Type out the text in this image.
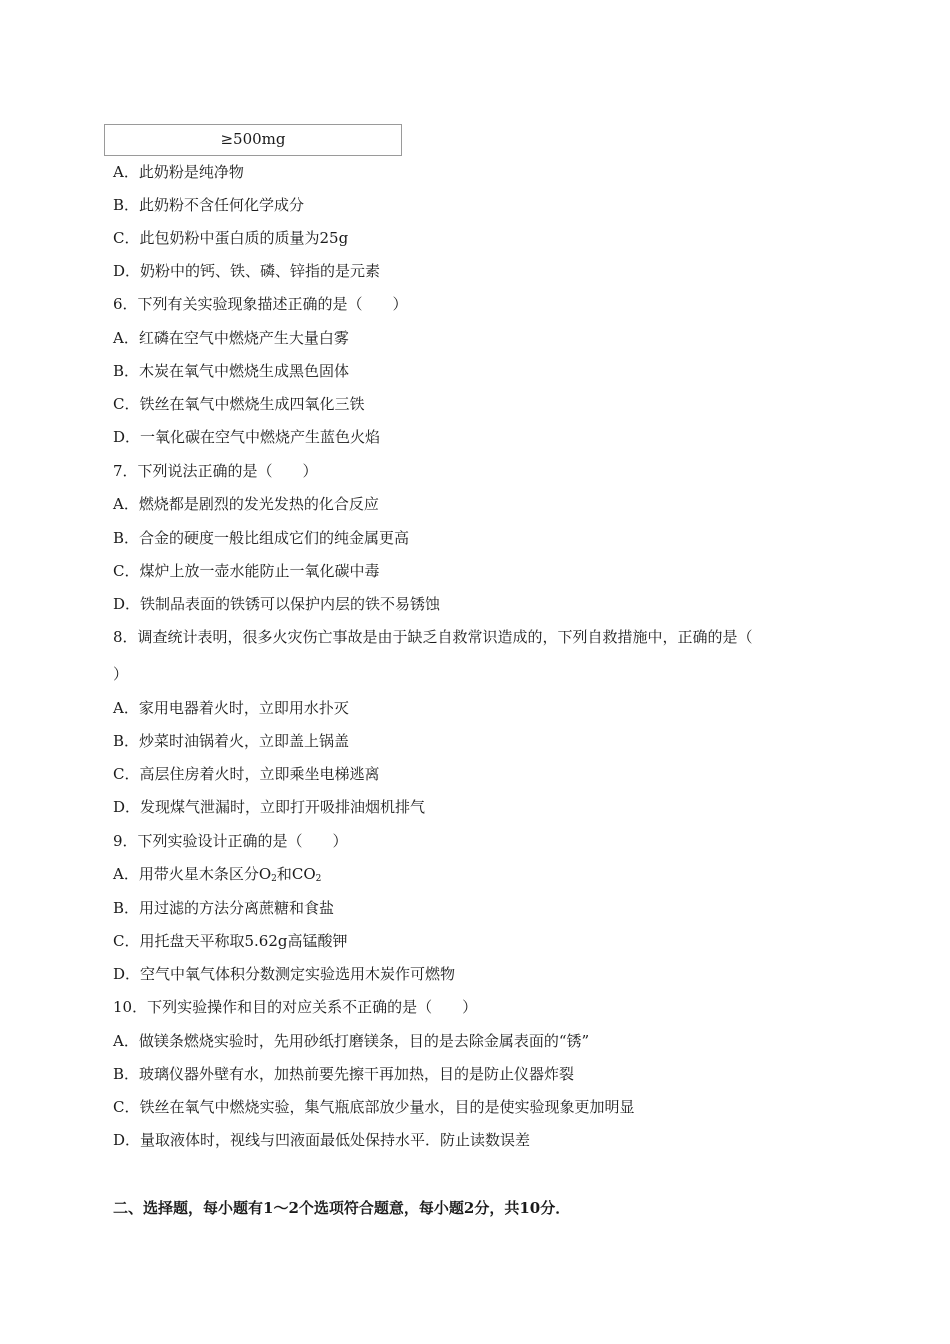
≥500mg
A．此奶粉是纯净物
B．此奶粉不含任何化学成分
C．此包奶粉中蛋白质的质量为25g
D．奶粉中的钙、铁、磷、锌指的是元素
6．下列有关实验现象描述正确的是（　　）
A．红磷在空气中燃烧产生大量白雾
B．木炭在氧气中燃烧生成黑色固体
C．铁丝在氧气中燃烧生成四氧化三铁
D．一氧化碳在空气中燃烧产生蓝色火焰
7．下列说法正确的是（　　）
A．燃烧都是剧烈的发光发热的化合反应
B．合金的硬度一般比组成它们的纯金属更高
C．煤炉上放一壶水能防止一氧化碳中毒
D．铁制品表面的铁锈可以保护内层的铁不易锈蚀
8．调查统计表明，很多火灾伤亡事故是由于缺乏自救常识造成的，下列自救措施中，正确的是（
）
A．家用电器着火时，立即用水扑灭
B．炒菜时油锅着火，立即盖上锅盖
C．高层住房着火时，立即乘坐电梯逃离
D．发现煤气泄漏时，立即打开吸排油烟机排气
9．下列实验设计正确的是（　　）
A．用带火星木条区分$O_2$和$CO_2$
B．用过滤的方法分离蔗糖和食盐
C．用托盘天平称取5.62g高锰酸钾
D．空气中氧气体积分数测定实验选用木炭作可燃物
10．下列实验操作和目的对应关系不正确的是（　　）
A．做镁条燃烧实验时，先用砂纸打磨镁条，目的是去除金属表面的“锈”
B．玻璃仪器外壁有水，加热前要先擦干再加热，目的是防止仪器炸裂
C．铁丝在氧气中燃烧实验，集气瓶底部放少量水，目的是使实验现象更加明显
D．量取液体时，视线与凹液面最低处保持水平．防止读数误差
二、选择题，每小题有1～2个选项符合题意，每小题2分，共10分．
